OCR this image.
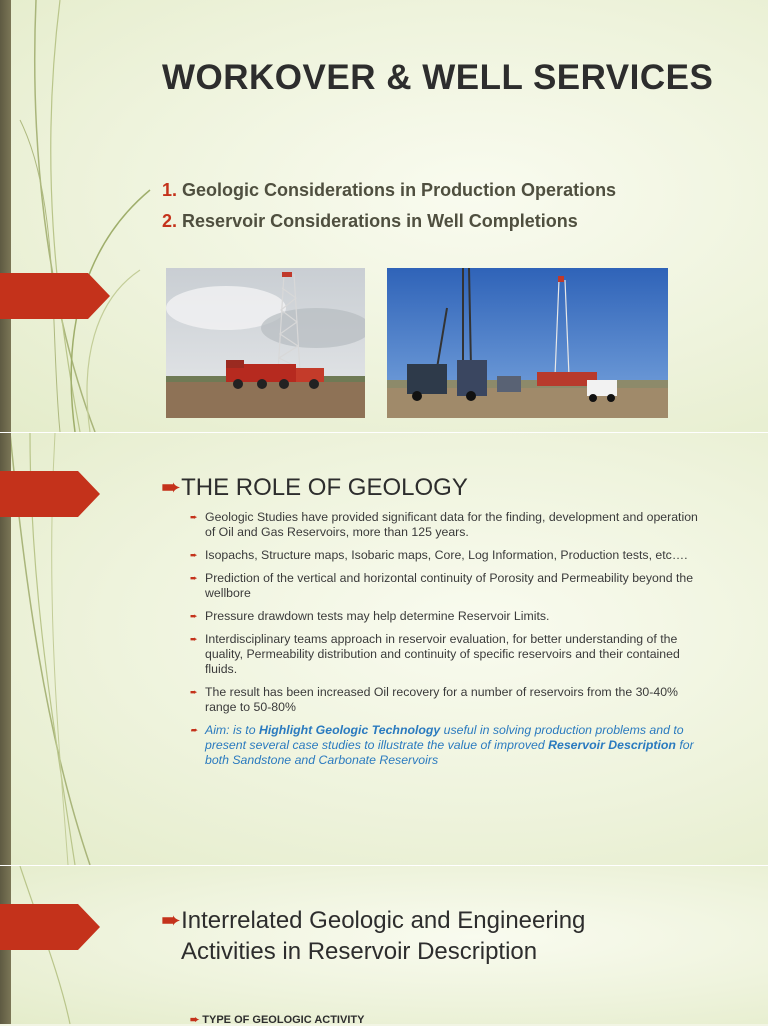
WORKOVER & WELL SERVICES
1. Geologic Considerations in Production Operations
2. Reservoir Considerations in Well Completions
➨THE ROLE OF GEOLOGY
➨ Geologic Studies have provided significant data for the finding, development and operation of Oil and Gas Reservoirs, more than 125 years.
➨ Isopachs, Structure maps, Isobaric maps, Core, Log Information, Production tests, etc….
➨ Prediction of the vertical and horizontal continuity of Porosity and Permeability beyond the wellbore
➨ Pressure drawdown tests may help determine Reservoir Limits.
➨ Interdisciplinary teams approach in reservoir evaluation, for better understanding of the quality, Permeability distribution and continuity of specific reservoirs and their contained fluids.
➨ The result has been increased Oil recovery for a number of reservoirs from the 30-40% range to 50-80%
➨ Aim: is to Highlight Geologic Technology useful in solving production problems and to present several case studies to illustrate the value of improved Reservoir Description for both Sandstone and Carbonate Reservoirs
➨Interrelated Geologic and Engineering
Activities in Reservoir Description
➨ TYPE OF GEOLOGIC ACTIVITY
